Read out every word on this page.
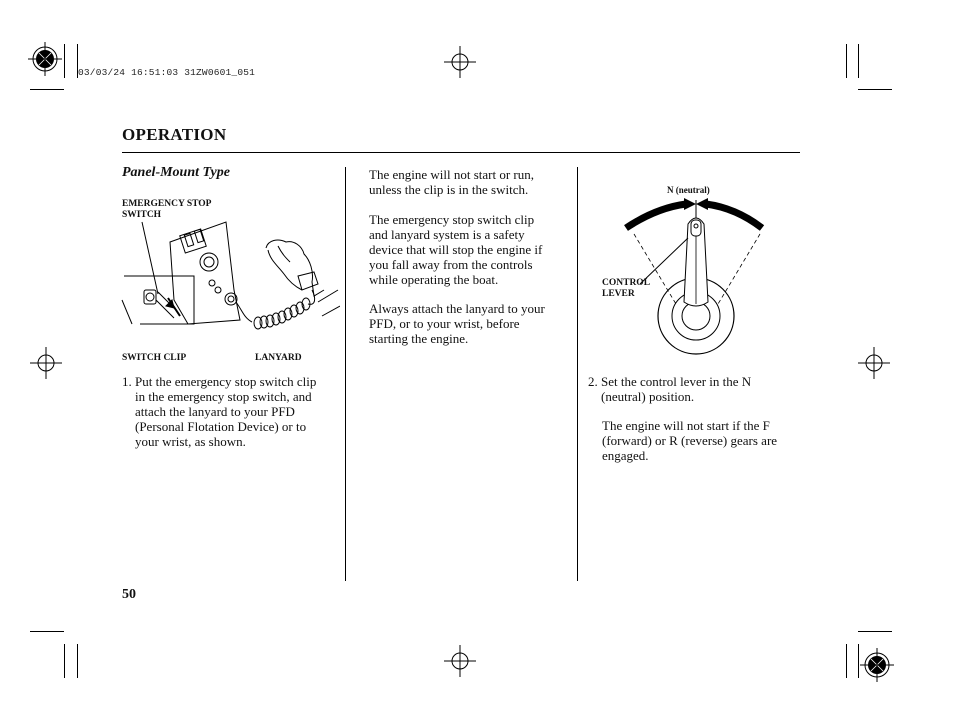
03/03/24 16:51:03 31ZW0601_051
OPERATION
Panel-Mount Type
EMERGENCY STOP
SWITCH
SWITCH CLIP	LANYARD
1. Put the emergency stop switch clip
in the emergency stop switch, and
attach the lanyard to your PFD
(Personal Flotation Device) or to
your wrist, as shown.
The engine will not start or run,
unless the clip is in the switch.
The emergency stop switch clip
and lanyard system is a safety
device that will stop the engine if
you fall away from the controls
while operating the boat.
Always attach the lanyard to your
PFD, or to your wrist, before
starting the engine.
N (neutral)
CONTROL
LEVER
2. Set the control lever in the N
(neutral) position.
The engine will not start if the F
(forward) or R (reverse) gears are
engaged.
50
